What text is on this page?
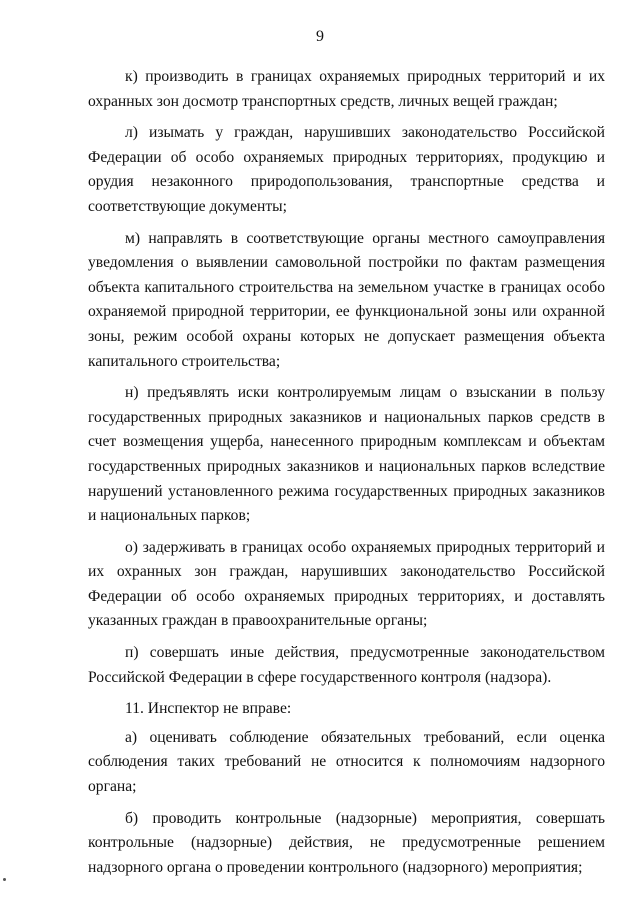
9

к) производить в границах охраняемых природных территорий и их охранных зон досмотр транспортных средств, личных вещей граждан;

л) изымать у граждан, нарушивших законодательство Российской Федерации об особо охраняемых природных территориях, продукцию и орудия незаконного природопользования, транспортные средства и соответствующие документы;

м) направлять в соответствующие органы местного самоуправления уведомления о выявлении самовольной постройки по фактам размещения объекта капитального строительства на земельном участке в границах особо охраняемой природной территории, ее функциональной зоны или охранной зоны, режим особой охраны которых не допускает размещения объекта капитального строительства;

н) предъявлять иски контролируемым лицам о взыскании в пользу государственных природных заказников и национальных парков средств в счет возмещения ущерба, нанесенного природным комплексам и объектам государственных природных заказников и национальных парков вследствие нарушений установленного режима государственных природных заказников и национальных парков;

о) задерживать в границах особо охраняемых природных территорий и их охранных зон граждан, нарушивших законодательство Российской Федерации об особо охраняемых природных территориях, и доставлять указанных граждан в правоохранительные органы;

п) совершать иные действия, предусмотренные законодательством Российской Федерации в сфере государственного контроля (надзора).

11. Инспектор не вправе:

а) оценивать соблюдение обязательных требований, если оценка соблюдения таких требований не относится к полномочиям надзорного органа;

б) проводить контрольные (надзорные) мероприятия, совершать контрольные (надзорные) действия, не предусмотренные решением надзорного органа о проведении контрольного (надзорного) мероприятия;
